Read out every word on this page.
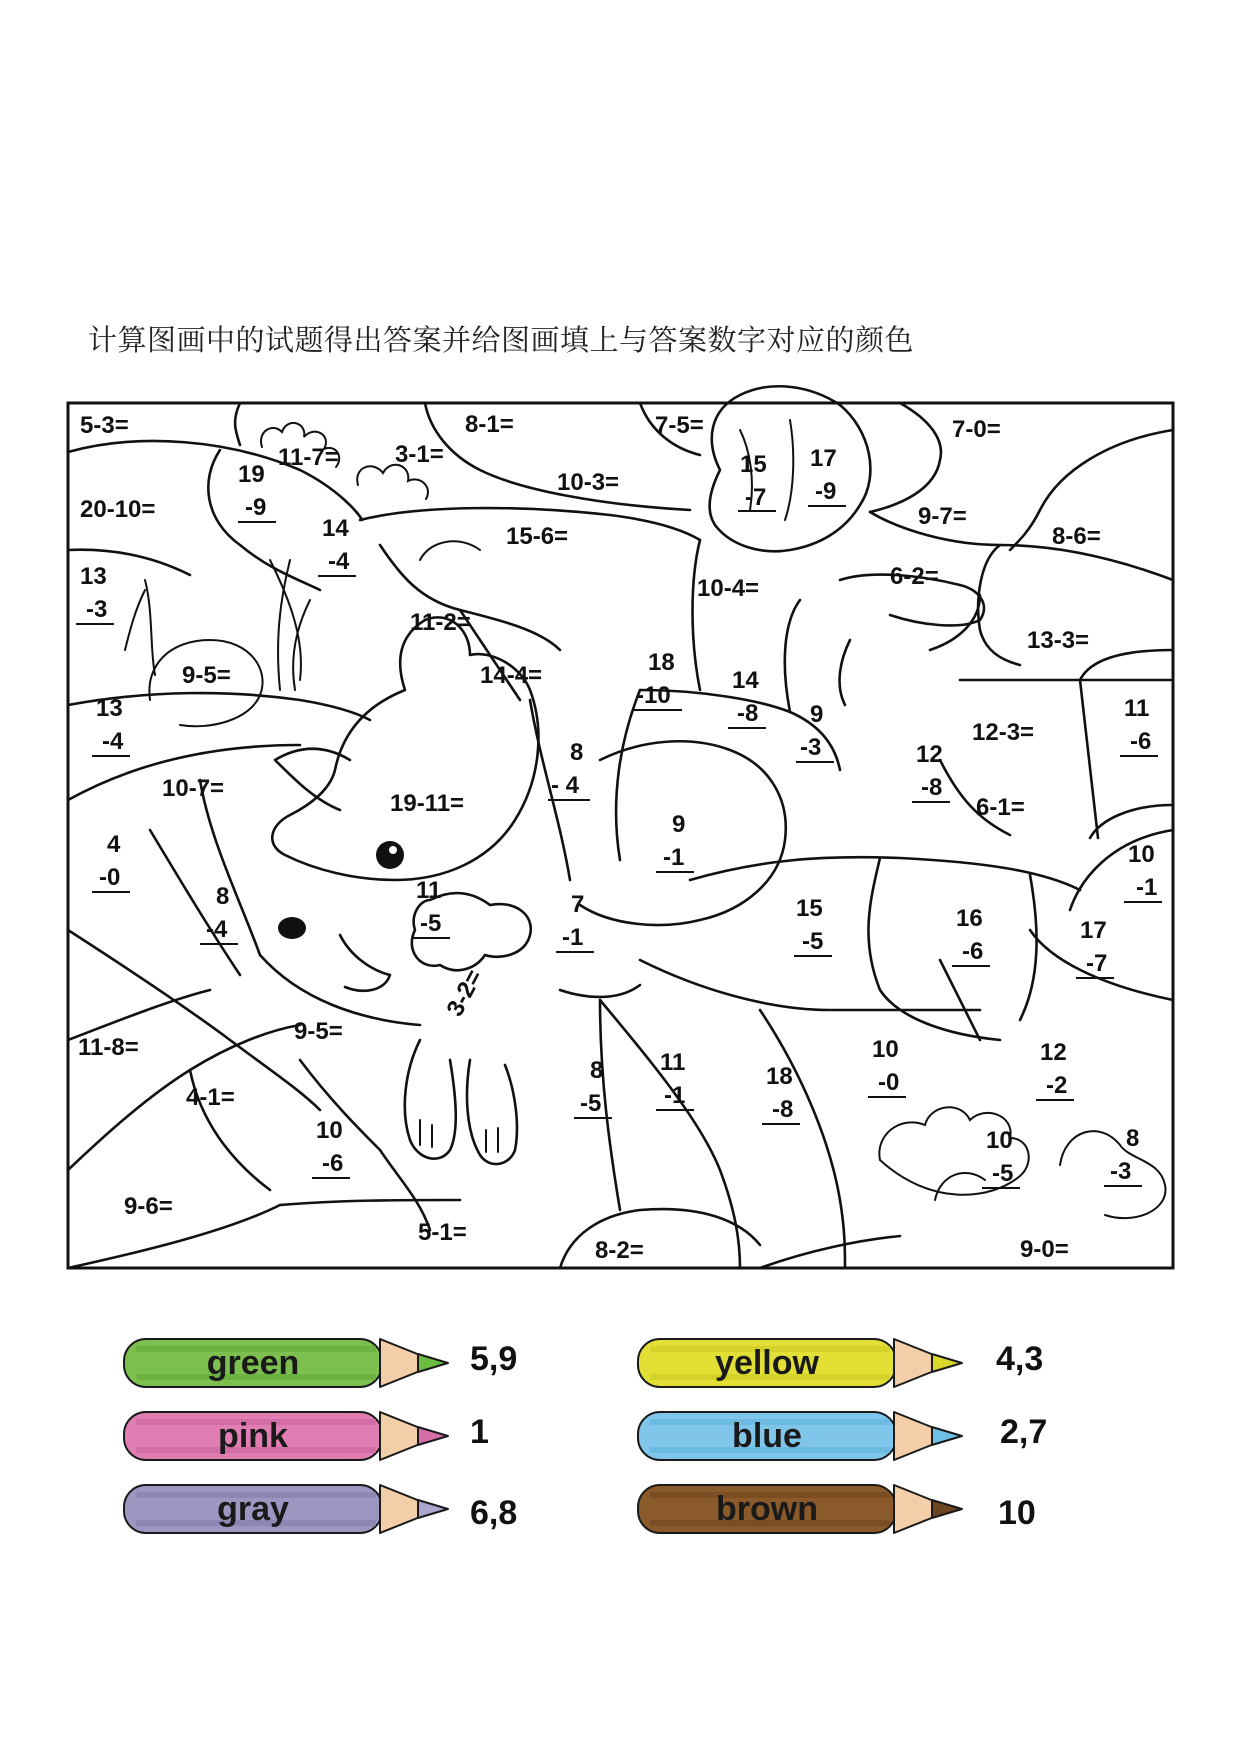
计算图画中的试题得出答案并给图画填上与答案数字对应的颜色
5-3=	8-1=	7-5=	7-0=
11-7= 3-1=
10-3=
20-10=
15-6=
9-7=
8-6=
10-4=	6-2=
11-2=
13-3=
9-5=	14-4=
12-3=
10-7=
19-11=	6-1=
3-2=
9-5=
11-8=
4-1=
9-6=
5-1=
8-2=	9-0=
19
-9
15
-7
17
-9
14
-4
13
-3
18
-10
14
-8 9
-3
11
-6
13
-4	8
- 4
12
-8
9
-1
4
-0
10
-1
8
-4
11
-5
7
-1
15
-5
16
-6
17
-7
10
-0
12
-2
8
-5
11
-1
18
-8
10
-6
10
-5
8
-3
green	5,9	yellow	4,3
pink	1	blue	2,7
gray	6,8	brown	10
